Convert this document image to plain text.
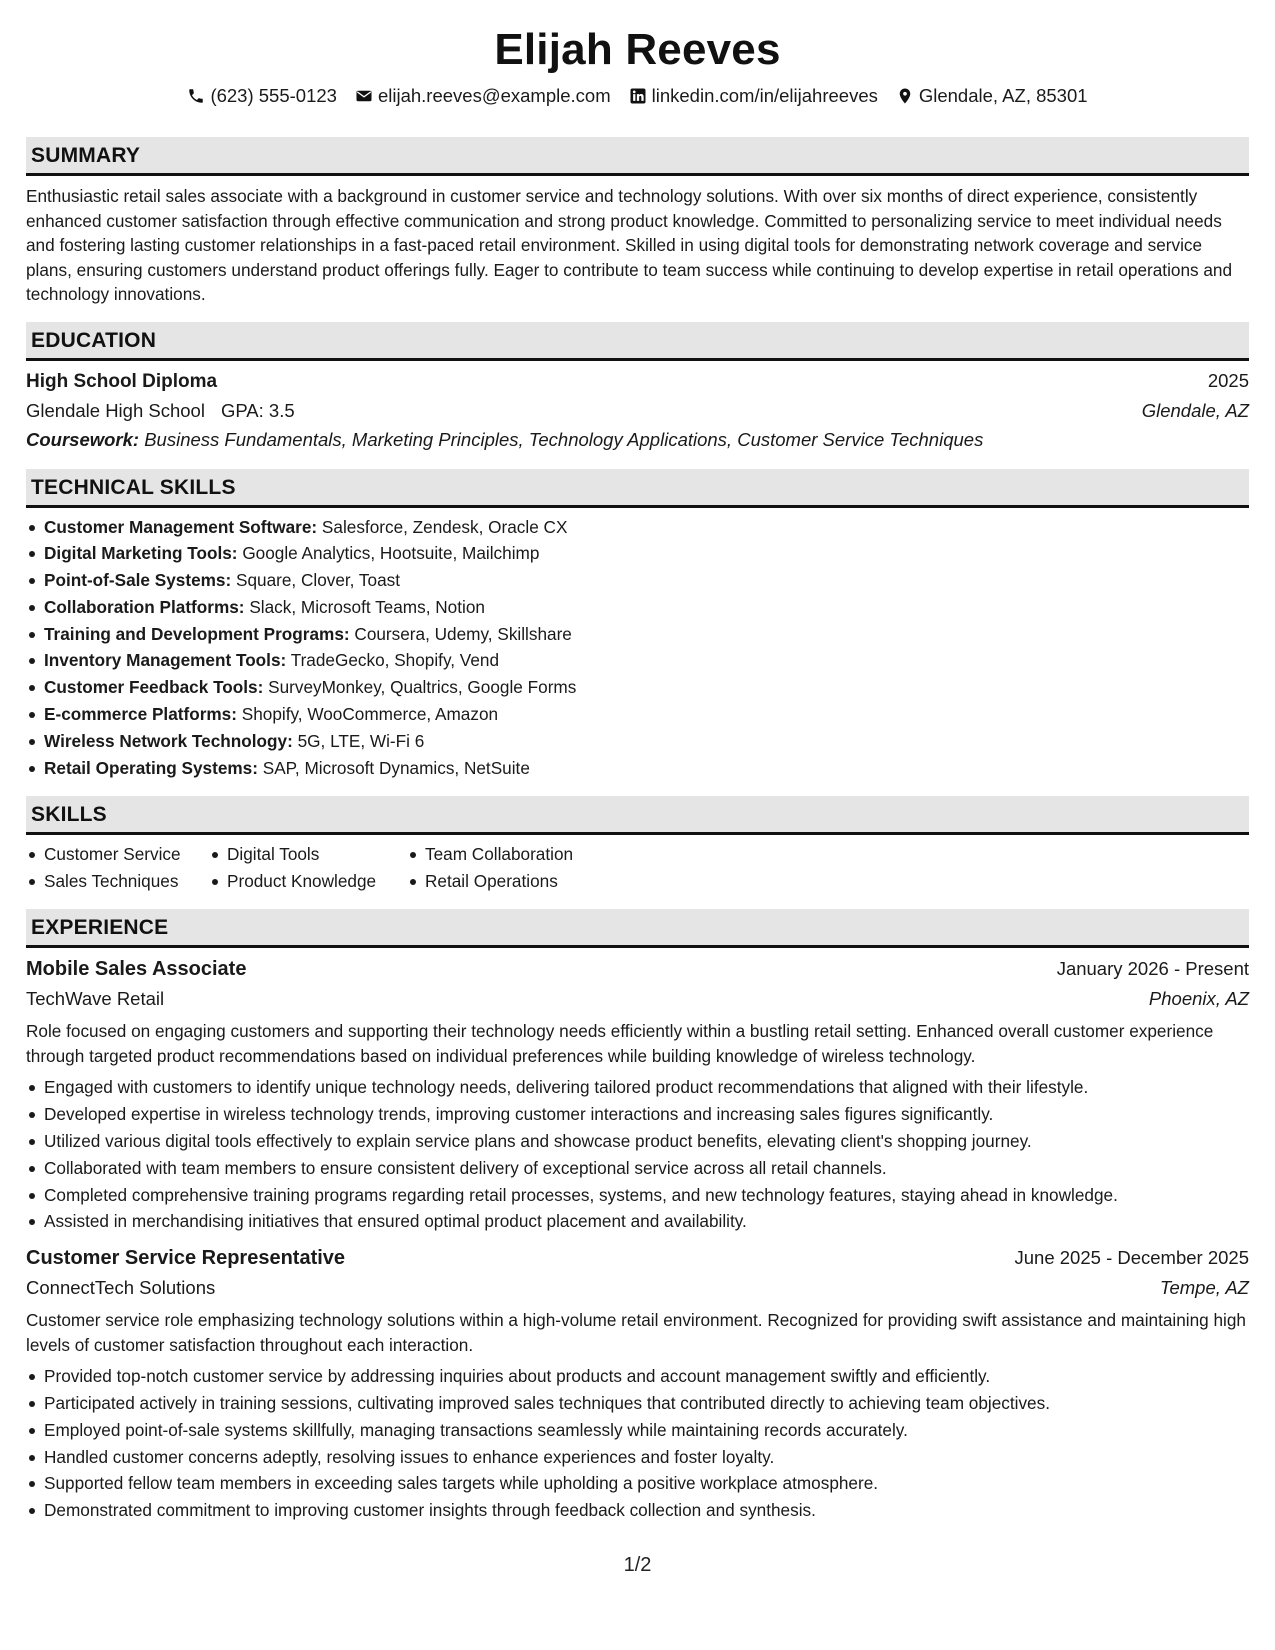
Elijah Reeves
(623) 555-0123 elijah.reeves@example.com linkedin.com/in/elijahreeves Glendale, AZ, 85301
SUMMARY

Enthusiastic retail sales associate with a background in customer service and technology solutions. With over six months of direct experience, consistently enhanced customer satisfaction through effective communication and strong product knowledge. Committed to personalizing service to meet individual needs and fostering lasting customer relationships in a fast-paced retail environment. Skilled in using digital tools for demonstrating network coverage and service plans, ensuring customers understand product offerings fully. Eager to contribute to team success while continuing to develop expertise in retail operations and technology innovations.

EDUCATION
High School Diploma	2025
Glendale High School GPA: 3.5	Glendale, AZ
Coursework: Business Fundamentals, Marketing Principles, Technology Applications, Customer Service Techniques
TECHNICAL SKILLS
Customer Management Software: Salesforce, Zendesk, Oracle CX
Digital Marketing Tools: Google Analytics, Hootsuite, Mailchimp
Point-of-Sale Systems: Square, Clover, Toast
Collaboration Platforms: Slack, Microsoft Teams, Notion
Training and Development Programs: Coursera, Udemy, Skillshare
Inventory Management Tools: TradeGecko, Shopify, Vend
Customer Feedback Tools: SurveyMonkey, Qualtrics, Google Forms
E-commerce Platforms: Shopify, WooCommerce, Amazon
Wireless Network Technology: 5G, LTE, Wi-Fi 6
Retail Operating Systems: SAP, Microsoft Dynamics, NetSuite
SKILLS
Customer Service	Digital Tools	Team Collaboration
Sales Techniques	Product Knowledge	Retail Operations
EXPERIENCE
Mobile Sales Associate	January 2026 - Present
TechWave Retail	Phoenix, AZ
Role focused on engaging customers and supporting their technology needs efficiently within a bustling retail setting. Enhanced overall customer experience through targeted product recommendations based on individual preferences while building knowledge of wireless technology.
Engaged with customers to identify unique technology needs, delivering tailored product recommendations that aligned with their lifestyle.
Developed expertise in wireless technology trends, improving customer interactions and increasing sales figures significantly.
Utilized various digital tools effectively to explain service plans and showcase product benefits, elevating client's shopping journey.
Collaborated with team members to ensure consistent delivery of exceptional service across all retail channels.
Completed comprehensive training programs regarding retail processes, systems, and new technology features, staying ahead in knowledge.
Assisted in merchandising initiatives that ensured optimal product placement and availability.
Customer Service Representative	June 2025 - December 2025
ConnectTech Solutions	Tempe, AZ
Customer service role emphasizing technology solutions within a high-volume retail environment. Recognized for providing swift assistance and maintaining high levels of customer satisfaction throughout each interaction.
Provided top-notch customer service by addressing inquiries about products and account management swiftly and efficiently.
Participated actively in training sessions, cultivating improved sales techniques that contributed directly to achieving team objectives.
Employed point-of-sale systems skillfully, managing transactions seamlessly while maintaining records accurately.
Handled customer concerns adeptly, resolving issues to enhance experiences and foster loyalty.
Supported fellow team members in exceeding sales targets while upholding a positive workplace atmosphere.
Demonstrated commitment to improving customer insights through feedback collection and synthesis.
1/2
